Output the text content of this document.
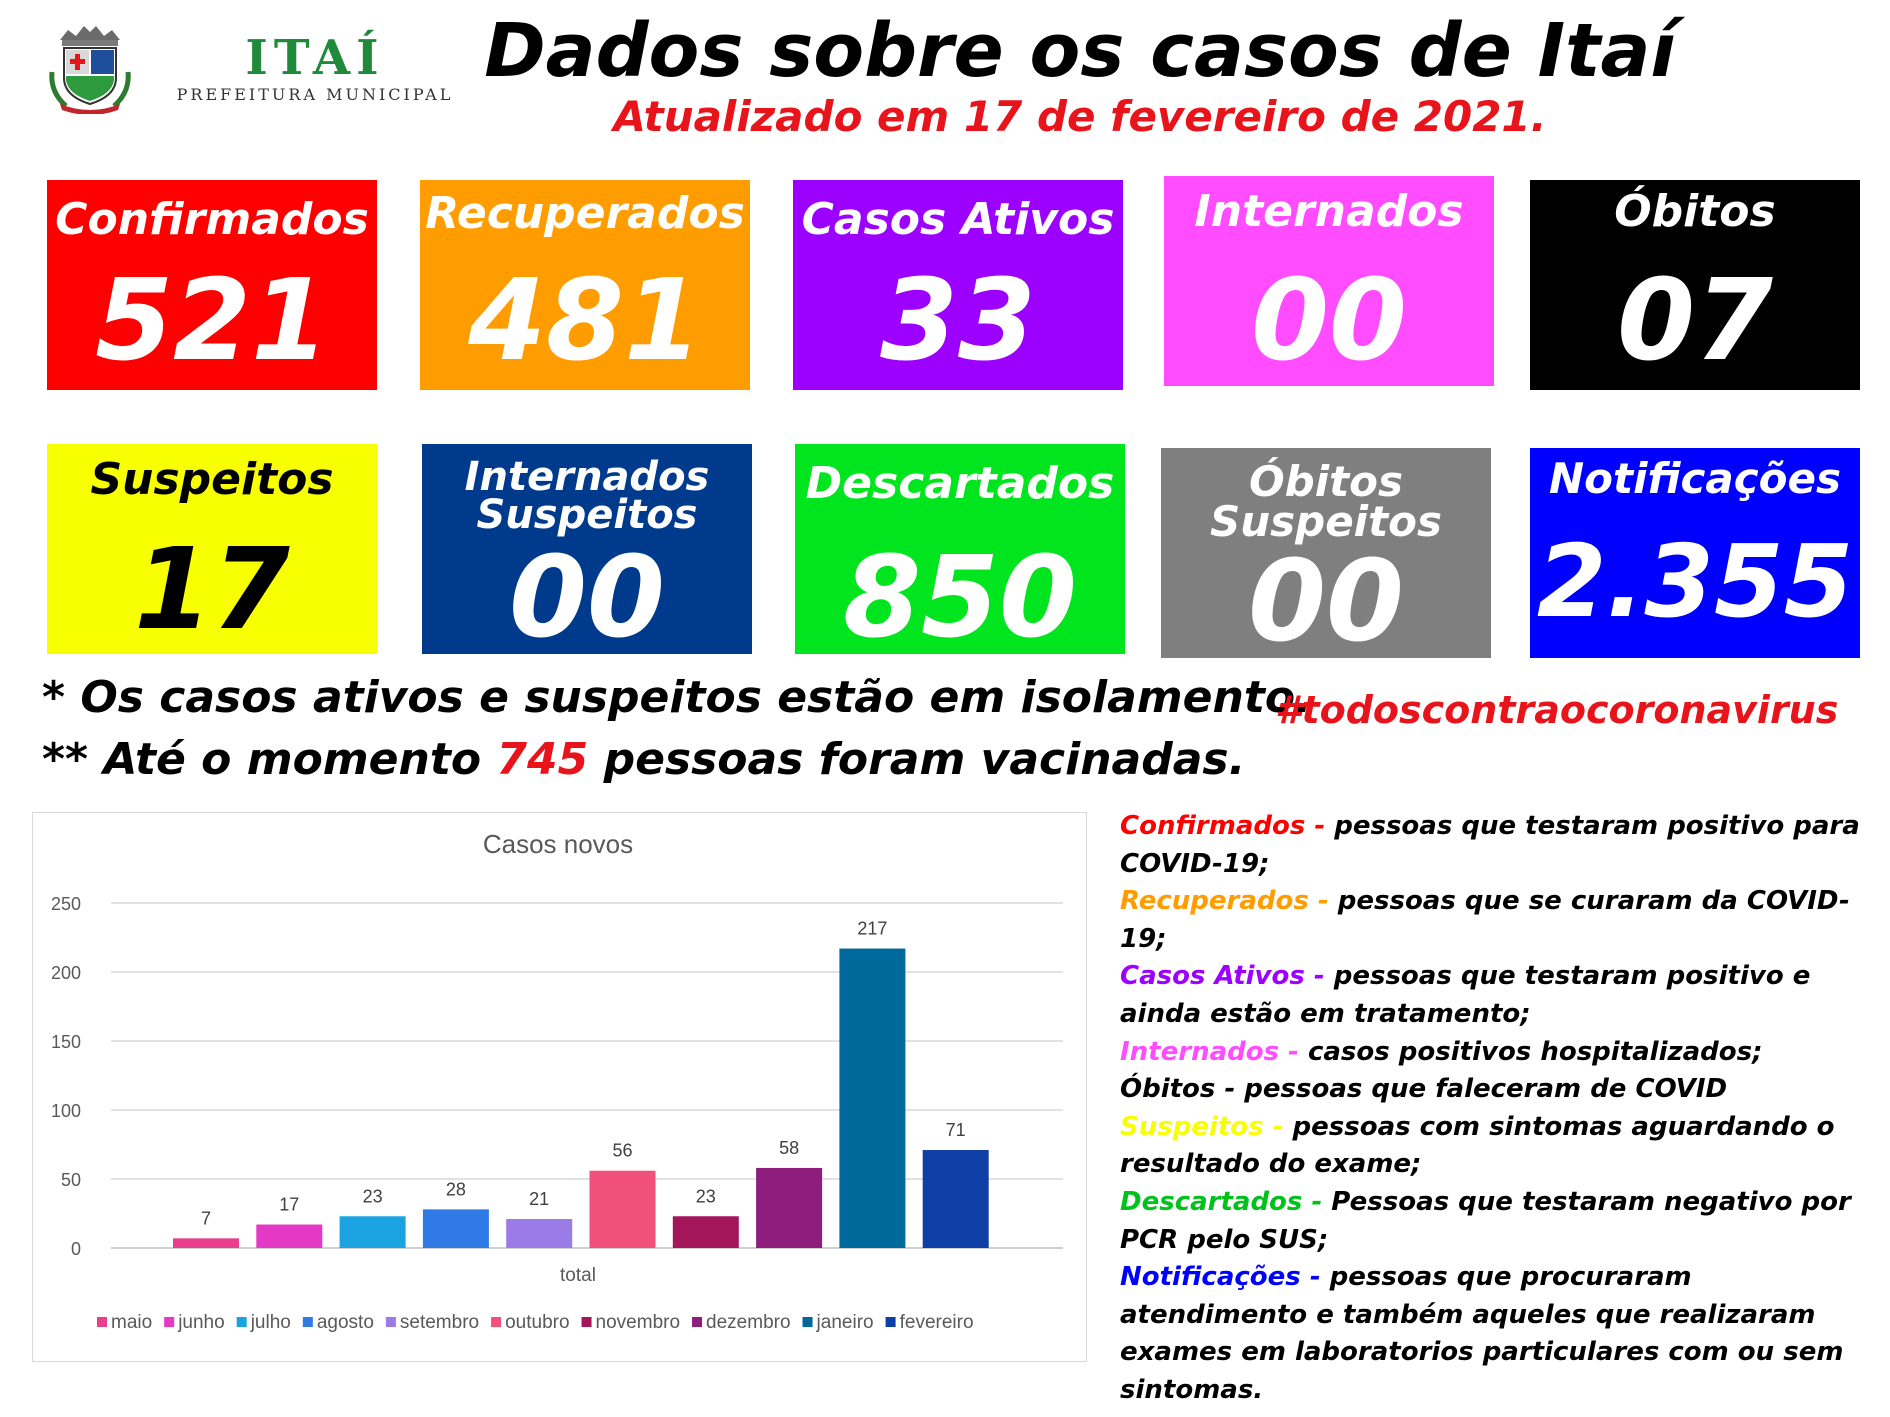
ITAÍ
PREFEITURA MUNICIPAL
Dados sobre os casos de Itaí
Atualizado em 17 de fevereiro de 2021.
Confirmados
521
Recuperados
481
Casos Ativos
33
Internados
00
Óbitos
07
Suspeitos
17
Internados
Suspeitos
00
Descartados
850
Óbitos
Suspeitos
00
Notificações
2.355
* Os casos ativos e suspeitos estão em isolamento.
** Até o momento 745 pessoas foram vacinadas.
#todoscontraocoronavirus
Casos novos
0
50
100
150
200
250
7
17	23	28	21
56
23
58
217
71
total
maio junho julho agosto setembro outubro novembro dezembro janeiro fevereiro
Confirmados - pessoas que testaram positivo para COVID-19;
Recuperados - pessoas que se curaram da COVID-19;
Casos Ativos - pessoas que testaram positivo e ainda estão em tratamento;
Internados - casos positivos hospitalizados;
Óbitos - pessoas que faleceram de COVID
Suspeitos - pessoas com sintomas aguardando o resultado do exame;
Descartados - Pessoas que testaram negativo por PCR pelo SUS;
Notificações - pessoas que procuraram atendimento e também aqueles que realizaram exames em laboratorios particulares com ou sem sintomas.
